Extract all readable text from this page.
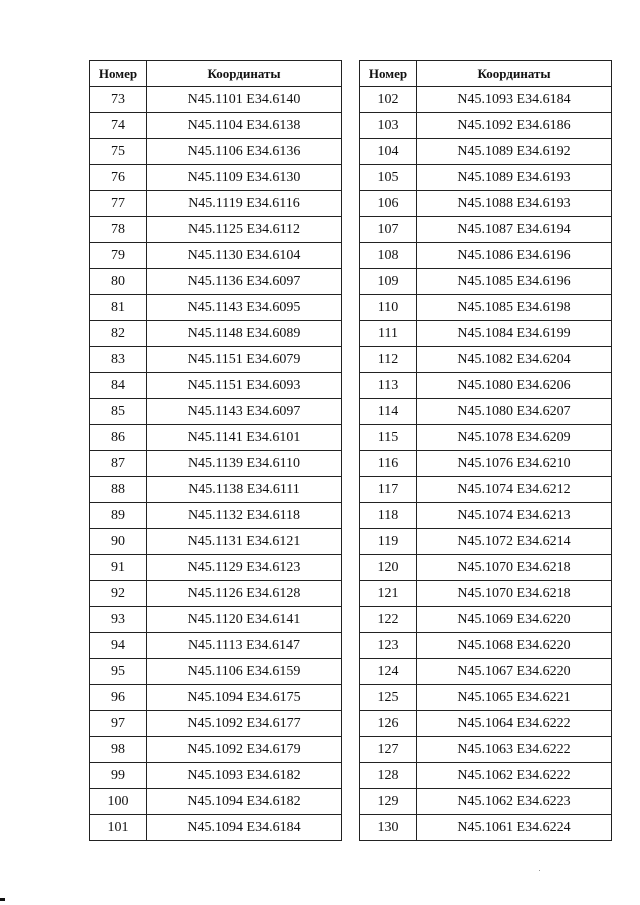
Номер	Координаты
73	N45.1101 E34.6140
74	N45.1104 E34.6138
75	N45.1106 E34.6136
76	N45.1109 E34.6130
77	N45.1119 E34.6116
78	N45.1125 E34.6112
79	N45.1130 E34.6104
80	N45.1136 E34.6097
81	N45.1143 E34.6095
82	N45.1148 E34.6089
83	N45.1151 E34.6079
84	N45.1151 E34.6093
85	N45.1143 E34.6097
86	N45.1141 E34.6101
87	N45.1139 E34.6110
88	N45.1138 E34.6111
89	N45.1132 E34.6118
90	N45.1131 E34.6121
91	N45.1129 E34.6123
92	N45.1126 E34.6128
93	N45.1120 E34.6141
94	N45.1113 E34.6147
95	N45.1106 E34.6159
96	N45.1094 E34.6175
97	N45.1092 E34.6177
98	N45.1092 E34.6179
99	N45.1093 E34.6182
100	N45.1094 E34.6182
101	N45.1094 E34.6184
Номер	Координаты
102	N45.1093 E34.6184
103	N45.1092 E34.6186
104	N45.1089 E34.6192
105	N45.1089 E34.6193
106	N45.1088 E34.6193
107	N45.1087 E34.6194
108	N45.1086 E34.6196
109	N45.1085 E34.6196
110	N45.1085 E34.6198
111	N45.1084 E34.6199
112	N45.1082 E34.6204
113	N45.1080 E34.6206
114	N45.1080 E34.6207
115	N45.1078 E34.6209
116	N45.1076 E34.6210
117	N45.1074 E34.6212
118	N45.1074 E34.6213
119	N45.1072 E34.6214
120	N45.1070 E34.6218
121	N45.1070 E34.6218
122	N45.1069 E34.6220
123	N45.1068 E34.6220
124	N45.1067 E34.6220
125	N45.1065 E34.6221
126	N45.1064 E34.6222
127	N45.1063 E34.6222
128	N45.1062 E34.6222
129	N45.1062 E34.6223
130	N45.1061 E34.6224
